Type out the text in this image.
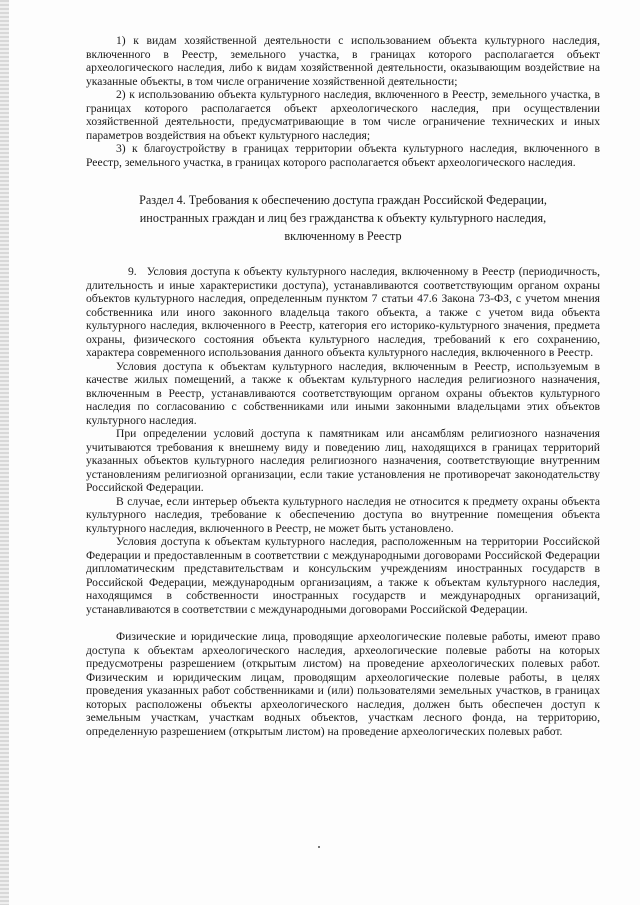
1) к видам хозяйственной деятельности с использованием объекта культурного наследия, включенного в Реестр, земельного участка, в границах которого располагается объект археологического наследия, либо к видам хозяйственной деятельности, оказывающим воздействие на указанные объекты, в том числе ограничение хозяйственной деятельности;

2) к использованию объекта культурного наследия, включенного в Реестр, земельного участка, в границах которого располагается объект археологического наследия, при осуществлении хозяйственной деятельности, предусматривающие в том числе ограничение технических и иных параметров воздействия на объект культурного наследия;

3) к благоустройству в границах территории объекта культурного наследия, включенного в Реестр, земельного участка, в границах которого располагается объект археологического наследия.

Раздел 4. Требования к обеспечению доступа граждан Российской Федерации,

иностранных граждан и лиц без гражданства к объекту культурного наследия,

включенному в Реестр

9. Условия доступа к объекту культурного наследия, включенному в Реестр (периодичность, длительность и иные характеристики доступа), устанавливаются соответствующим органом охраны объектов культурного наследия, определенным пунктом 7 статьи 47.6 Закона 73-ФЗ, с учетом мнения собственника или иного законного владельца такого объекта, а также с учетом вида объекта культурного наследия, включенного в Реестр, категория его историко-культурного значения, предмета охраны, физического состояния объекта культурного наследия, требований к его сохранению, характера современного использования данного объекта культурного наследия, включенного в Реестр.

Условия доступа к объектам культурного наследия, включенным в Реестр, используемым в качестве жилых помещений, а также к объектам культурного наследия религиозного назначения, включенным в Реестр, устанавливаются соответствующим органом охраны объектов культурного наследия по согласованию с собственниками или иными законными владельцами этих объектов культурного наследия.

При определении условий доступа к памятникам или ансамблям религиозного назначения учитываются требования к внешнему виду и поведению лиц, находящихся в границах территорий указанных объектов культурного наследия религиозного назначения, соответствующие внутренним установлениям религиозной организации, если такие установления не противоречат законодательству Российской Федерации.

В случае, если интерьер объекта культурного наследия не относится к предмету охраны объекта культурного наследия, требование к обеспечению доступа во внутренние помещения объекта культурного наследия, включенного в Реестр, не может быть установлено.

Условия доступа к объектам культурного наследия, расположенным на территории Российской Федерации и предоставленным в соответствии с международными договорами Российской Федерации дипломатическим представительствам и консульским учреждениям иностранных государств в Российской Федерации, международным организациям, а также к объектам культурного наследия, находящимся в собственности иностранных государств и международных организаций, устанавливаются в соответствии с международными договорами Российской Федерации.

Физические и юридические лица, проводящие археологические полевые работы, имеют право доступа к объектам археологического наследия, археологические полевые работы на которых предусмотрены разрешением (открытым листом) на проведение археологических полевых работ. Физическим и юридическим лицам, проводящим археологические полевые работы, в целях проведения указанных работ собственниками и (или) пользователями земельных участков, в границах которых расположены объекты археологического наследия, должен быть обеспечен доступ к земельным участкам, участкам водных объектов, участкам лесного фонда, на территорию, определенную разрешением (открытым листом) на проведение археологических полевых работ.
